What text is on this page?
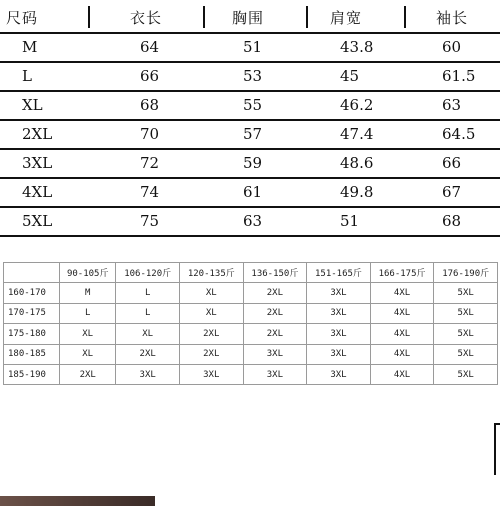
尺码	衣长	胸围	肩宽	袖长
M	64	51	43.8	60
L	66	53	45	61.5
XL	68	55	46.2	63
2XL	70	57	47.4	64.5
3XL	72	59	48.6	66
4XL	74	61	49.8	67
5XL	75	63	51	68
	90-105斤	106-120斤	120-135斤	136-150斤	151-165斤	166-175斤	176-190斤
160-170	M	L	XL	2XL	3XL	4XL	5XL
170-175	L	L	XL	2XL	3XL	4XL	5XL
175-180	XL	XL	2XL	2XL	3XL	4XL	5XL
180-185	XL	2XL	2XL	3XL	3XL	4XL	5XL
185-190	2XL	3XL	3XL	3XL	3XL	4XL	5XL
